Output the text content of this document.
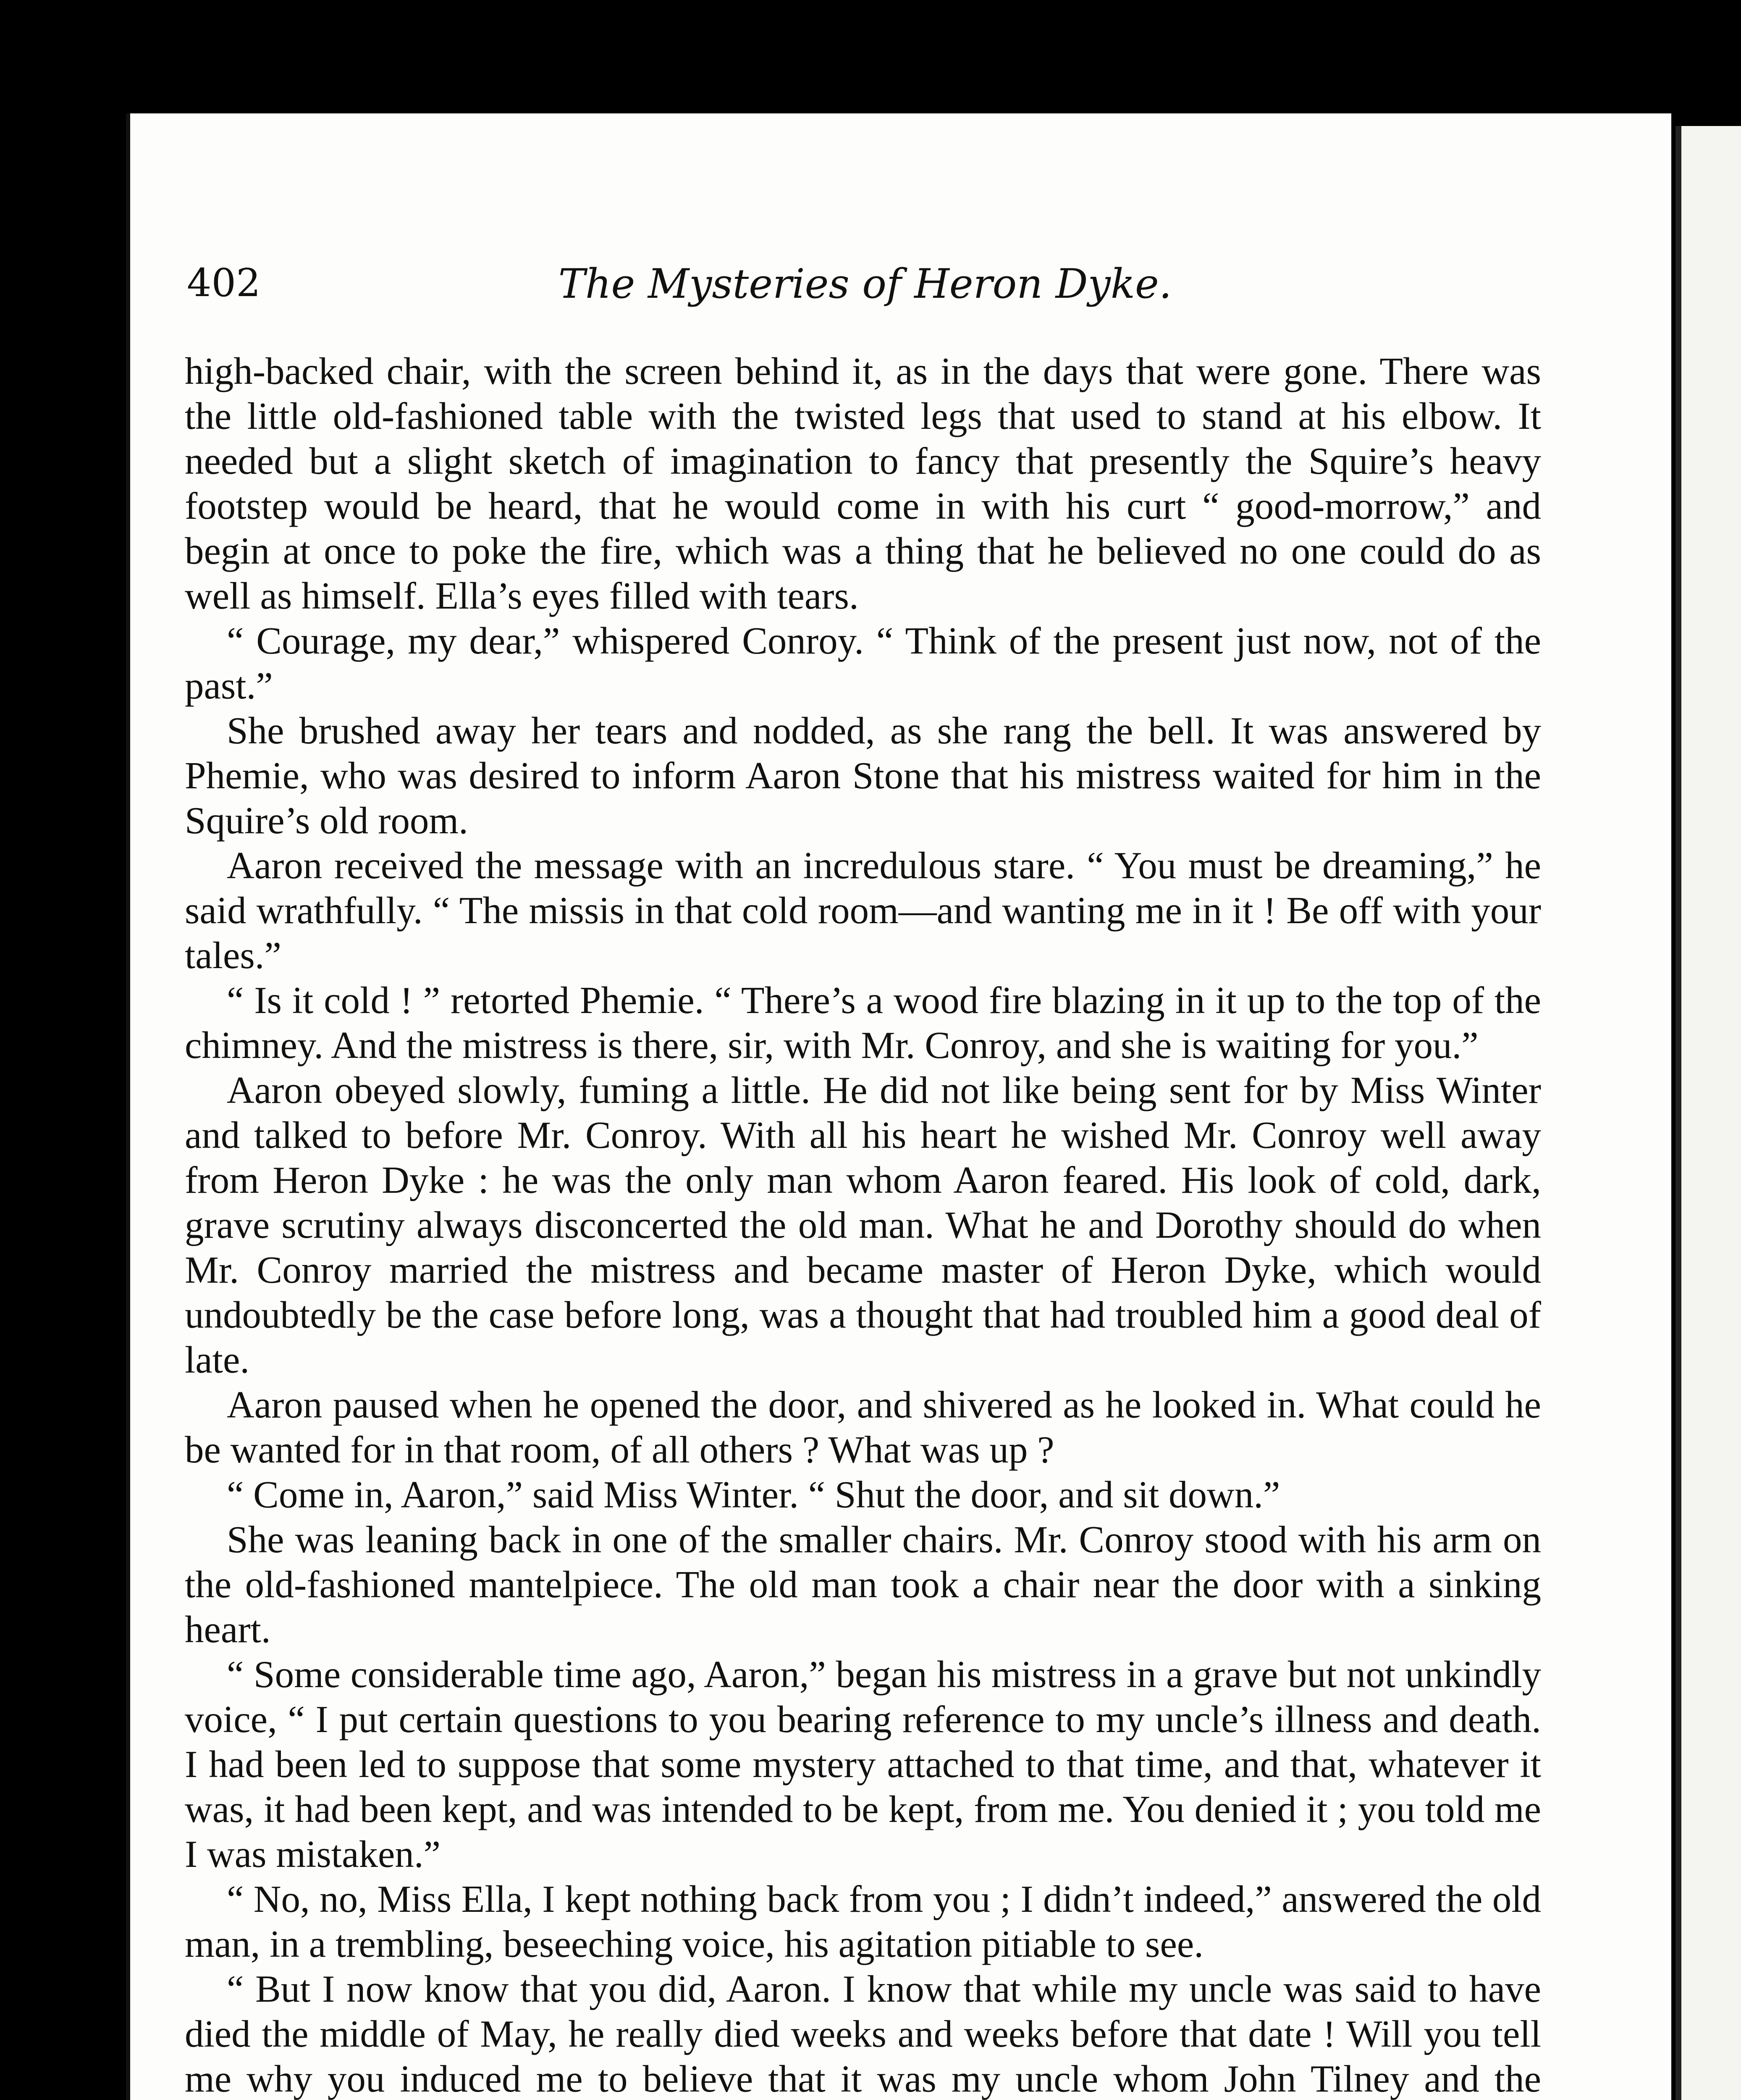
402	The Mysteries of Heron Dyke.

high-backed chair, with the screen behind it, as in the days that were gone. There was the little old-fashioned table with the twisted legs that used to stand at his elbow. It needed but a slight sketch of imagination to fancy that presently the Squire’s heavy footstep would be heard, that he would come in with his curt “ good-morrow,” and begin at once to poke the fire, which was a thing that he believed no one could do as well as himself. Ella’s eyes filled with tears.

“ Courage, my dear,” whispered Conroy. “ Think of the present just now, not of the past.”

She brushed away her tears and nodded, as she rang the bell. It was answered by Phemie, who was desired to inform Aaron Stone that his mistress waited for him in the Squire’s old room.

Aaron received the message with an incredulous stare. “ You must be dreaming,” he said wrathfully. “ The missis in that cold room—and wanting me in it ! Be off with your tales.”

“ Is it cold ! ” retorted Phemie. “ There’s a wood fire blazing in it up to the top of the chimney. And the mistress is there, sir, with Mr. Conroy, and she is waiting for you.”

Aaron obeyed slowly, fuming a little. He did not like being sent for by Miss Winter and talked to before Mr. Conroy. With all his heart he wished Mr. Conroy well away from Heron Dyke : he was the only man whom Aaron feared. His look of cold, dark, grave scrutiny always disconcerted the old man. What he and Dorothy should do when Mr. Conroy married the mistress and became master of Heron Dyke, which would undoubtedly be the case before long, was a thought that had troubled him a good deal of late.

Aaron paused when he opened the door, and shivered as he looked in. What could he be wanted for in that room, of all others ? What was up ?

“ Come in, Aaron,” said Miss Winter. “ Shut the door, and sit down.”

She was leaning back in one of the smaller chairs. Mr. Conroy stood with his arm on the old-fashioned mantelpiece. The old man took a chair near the door with a sinking heart.

“ Some considerable time ago, Aaron,” began his mistress in a grave but not unkindly voice, “ I put certain questions to you bearing reference to my uncle’s illness and death. I had been led to suppose that some mystery attached to that time, and that, whatever it was, it had been kept, and was intended to be kept, from me. You denied it ; you told me I was mistaken.”

“ No, no, Miss Ella, I kept nothing back from you ; I didn’t indeed,” answered the old man, in a trembling, beseeching voice, his agitation pitiable to see.

“ But I now know that you did, Aaron. I know that while my uncle was said to have died the middle of May, he really died weeks and weeks before that date ! Will you tell me why you induced me to believe that it was my uncle whom John Tilney and the
